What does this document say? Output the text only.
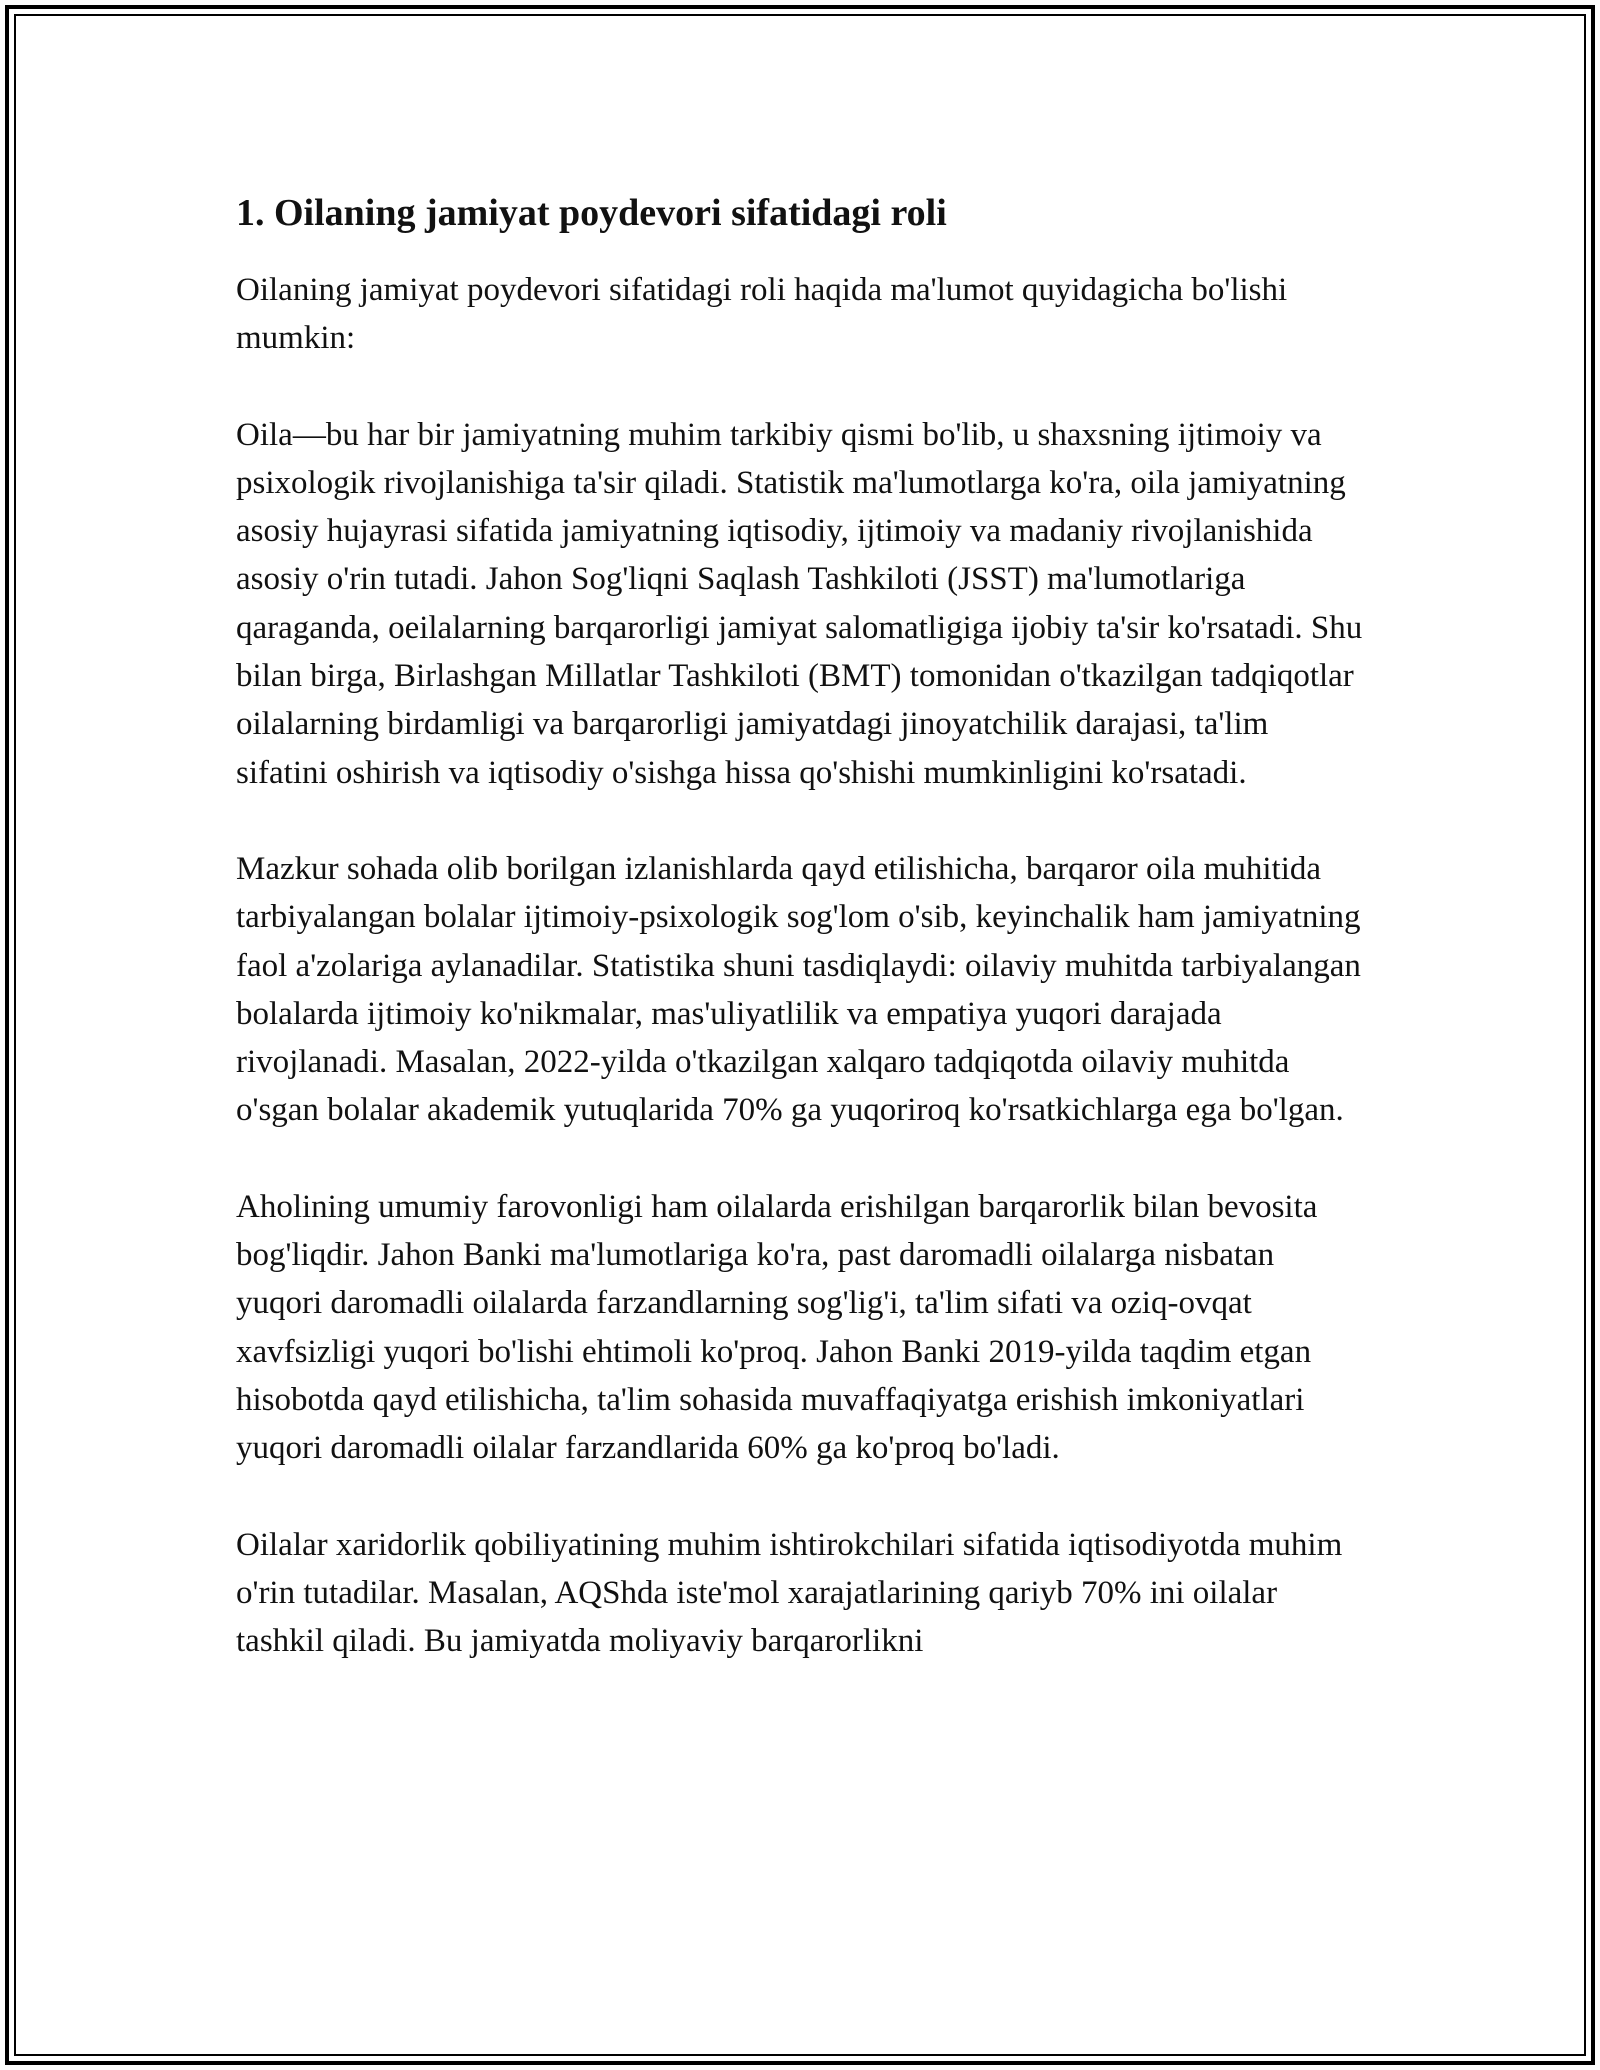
1. Oilaning jamiyat poydevori sifatidagi roli

Oilaning jamiyat poydevori sifatidagi roli haqida ma'lumot quyidagicha bo'lishi mumkin:

Oila—bu har bir jamiyatning muhim tarkibiy qismi bo'lib, u shaxsning ijtimoiy va psixologik rivojlanishiga ta'sir qiladi. Statistik ma'lumotlarga ko'ra, oila jamiyatning asosiy hujayrasi sifatida jamiyatning iqtisodiy, ijtimoiy va madaniy rivojlanishida asosiy o'rin tutadi. Jahon Sog'liqni Saqlash Tashkiloti (JSST) ma'lumotlariga qaraganda, oeilalarning barqarorligi jamiyat salomatligiga ijobiy ta'sir ko'rsatadi. Shu bilan birga, Birlashgan Millatlar Tashkiloti (BMT) tomonidan o'tkazilgan tadqiqotlar oilalarning birdamligi va barqarorligi jamiyatdagi jinoyatchilik darajasi, ta'lim sifatini oshirish va iqtisodiy o'sishga hissa qo'shishi mumkinligini ko'rsatadi.

Mazkur sohada olib borilgan izlanishlarda qayd etilishicha, barqaror oila muhitida tarbiyalangan bolalar ijtimoiy-psixologik sog'lom o'sib, keyinchalik ham jamiyatning faol a'zolariga aylanadilar. Statistika shuni tasdiqlaydi: oilaviy muhitda tarbiyalangan bolalarda ijtimoiy ko'nikmalar, mas'uliyatlilik va empatiya yuqori darajada rivojlanadi. Masalan, 2022-yilda o'tkazilgan xalqaro tadqiqotda oilaviy muhitda o'sgan bolalar akademik yutuqlarida 70% ga yuqoriroq ko'rsatkichlarga ega bo'lgan.

Aholining umumiy farovonligi ham oilalarda erishilgan barqarorlik bilan bevosita bog'liqdir. Jahon Banki ma'lumotlariga ko'ra, past daromadli oilalarga nisbatan yuqori daromadli oilalarda farzandlarning sog'lig'i, ta'lim sifati va oziq-ovqat xavfsizligi yuqori bo'lishi ehtimoli ko'proq. Jahon Banki 2019-yilda taqdim etgan hisobotda qayd etilishicha, ta'lim sohasida muvaffaqiyatga erishish imkoniyatlari yuqori daromadli oilalar farzandlarida 60% ga ko'proq bo'ladi.

Oilalar xaridorlik qobiliyatining muhim ishtirokchilari sifatida iqtisodiyotda muhim o'rin tutadilar. Masalan, AQShda iste'mol xarajatlarining qariyb 70% ini oilalar tashkil qiladi. Bu jamiyatda moliyaviy barqarorlikni
